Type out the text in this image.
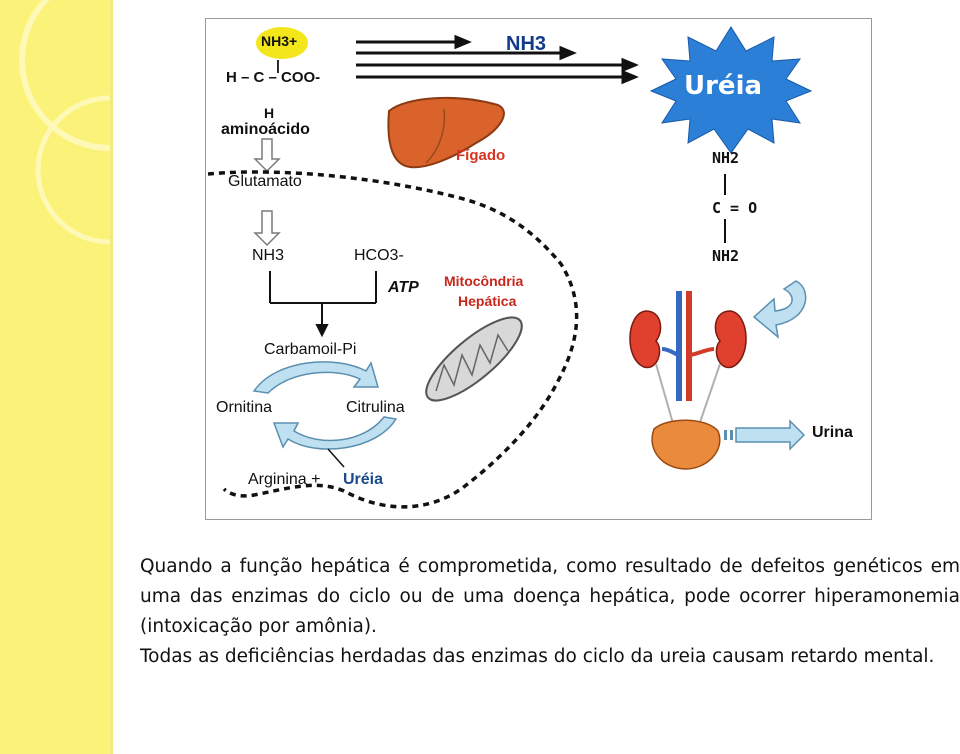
NH3+
|
H – C – COO-
H
aminoácido
NH3
Uréia
Fígado
Glutamato
NH3	HCO3-
ATP Mitocôndria
Hepática
Carbamoil-Pi
Ornitina	Citrulina
Arginina + Uréia
NH2
C = O
NH2
Urina

Quando a função hepática é comprometida, como resultado de defeitos genéticos em uma das enzimas do ciclo ou de uma doença hepática, pode ocorrer hiperamonemia (intoxicação por amônia).

Todas as deficiências herdadas das enzimas do ciclo da ureia causam retardo mental.
